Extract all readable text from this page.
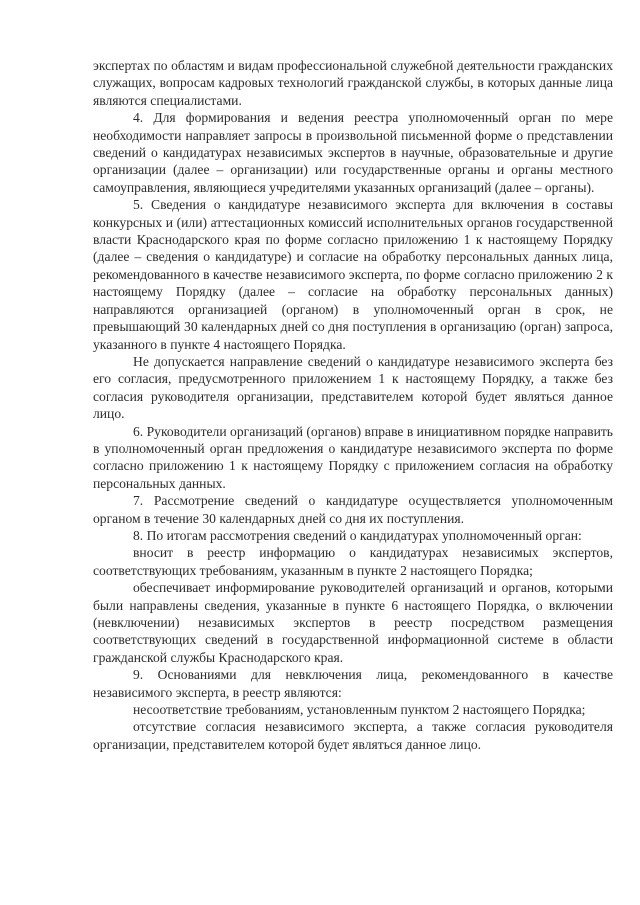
экспертах по областям и видам профессиональной служебной деятельности гражданских служащих, вопросам кадровых технологий гражданской службы, в которых данные лица являются специалистами.

4. Для формирования и ведения реестра уполномоченный орган по мере необходимости направляет запросы в произвольной письменной форме о представлении сведений о кандидатурах независимых экспертов в научные, образовательные и другие организации (далее – организации) или государственные органы и органы местного самоуправления, являющиеся учредителями указанных организаций (далее – органы).

5. Сведения о кандидатуре независимого эксперта для включения в составы конкурсных и (или) аттестационных комиссий исполнительных органов государственной власти Краснодарского края по форме согласно приложению 1 к настоящему Порядку (далее – сведения о кандидатуре) и согласие на обработку персональных данных лица, рекомендованного в качестве независимого эксперта, по форме согласно приложению 2 к настоящему Порядку (далее – согласие на обработку персональных данных) направляются организацией (органом) в уполномоченный орган в срок, не превышающий 30 календарных дней со дня поступления в организацию (орган) запроса, указанного в пункте 4 настоящего Порядка.

Не допускается направление сведений о кандидатуре независимого эксперта без его согласия, предусмотренного приложением 1 к настоящему Порядку, а также без согласия руководителя организации, представителем которой будет являться данное лицо.

6. Руководители организаций (органов) вправе в инициативном порядке направить в уполномоченный орган предложения о кандидатуре независимого эксперта по форме согласно приложению 1 к настоящему Порядку с приложением согласия на обработку персональных данных.

7. Рассмотрение сведений о кандидатуре осуществляется уполномоченным органом в течение 30 календарных дней со дня их поступления.

8. По итогам рассмотрения сведений о кандидатурах уполномоченный орган:

вносит в реестр информацию о кандидатурах независимых экспертов, соответствующих требованиям, указанным в пункте 2 настоящего Порядка;

обеспечивает информирование руководителей организаций и органов, которыми были направлены сведения, указанные в пункте 6 настоящего Порядка, о включении (невключении) независимых экспертов в реестр посредством размещения соответствующих сведений в государственной информационной системе в области гражданской службы Краснодарского края.

9. Основаниями для невключения лица, рекомендованного в качестве независимого эксперта, в реестр являются:

несоответствие требованиям, установленным пунктом 2 настоящего Порядка;

отсутствие согласия независимого эксперта, а также согласия руководителя организации, представителем которой будет являться данное лицо.
